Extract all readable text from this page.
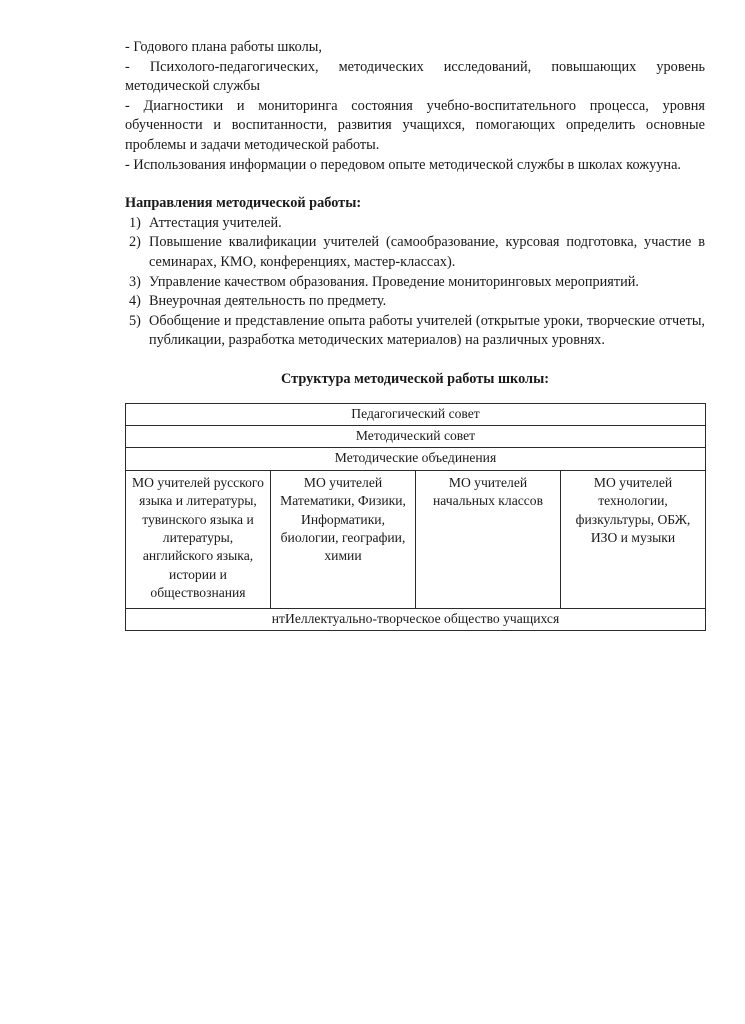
- Годового плана работы школы,

- Психолого-педагогических, методических исследований, повышающих уровень методической службы

- Диагностики и мониторинга состояния учебно-воспитательного процесса, уровня обученности и воспитанности, развития учащихся, помогающих определить основные проблемы и задачи методической работы.

- Использования информации о передовом опыте методической службы в школах кожууна.

Направления методической работы:

1) Аттестация учителей.
2) Повышение квалификации учителей (самообразование, курсовая подготовка, участие в семинарах, КМО, конференциях, мастер-классах).
3) Управление качеством образования. Проведение мониторинговых мероприятий.
4) Внеурочная деятельность по предмету.
5) Обобщение и представление опыта работы учителей (открытые уроки, творческие отчеты, публикации, разработка методических материалов) на различных уровнях.

Структура методической работы школы:

Педагогический совет
Методический совет
Методические объединения
МО учителей русского языка и литературы, тувинского языка и литературы, английского языка, истории и обществознания	МО учителей Математики, Физики, Информатики, биологии, географии, химии	МО учителей начальных классов	МО учителей технологии, физкультуры, ОБЖ, ИЗО и музыки
нтИеллектуально-творческое общество учащихся
